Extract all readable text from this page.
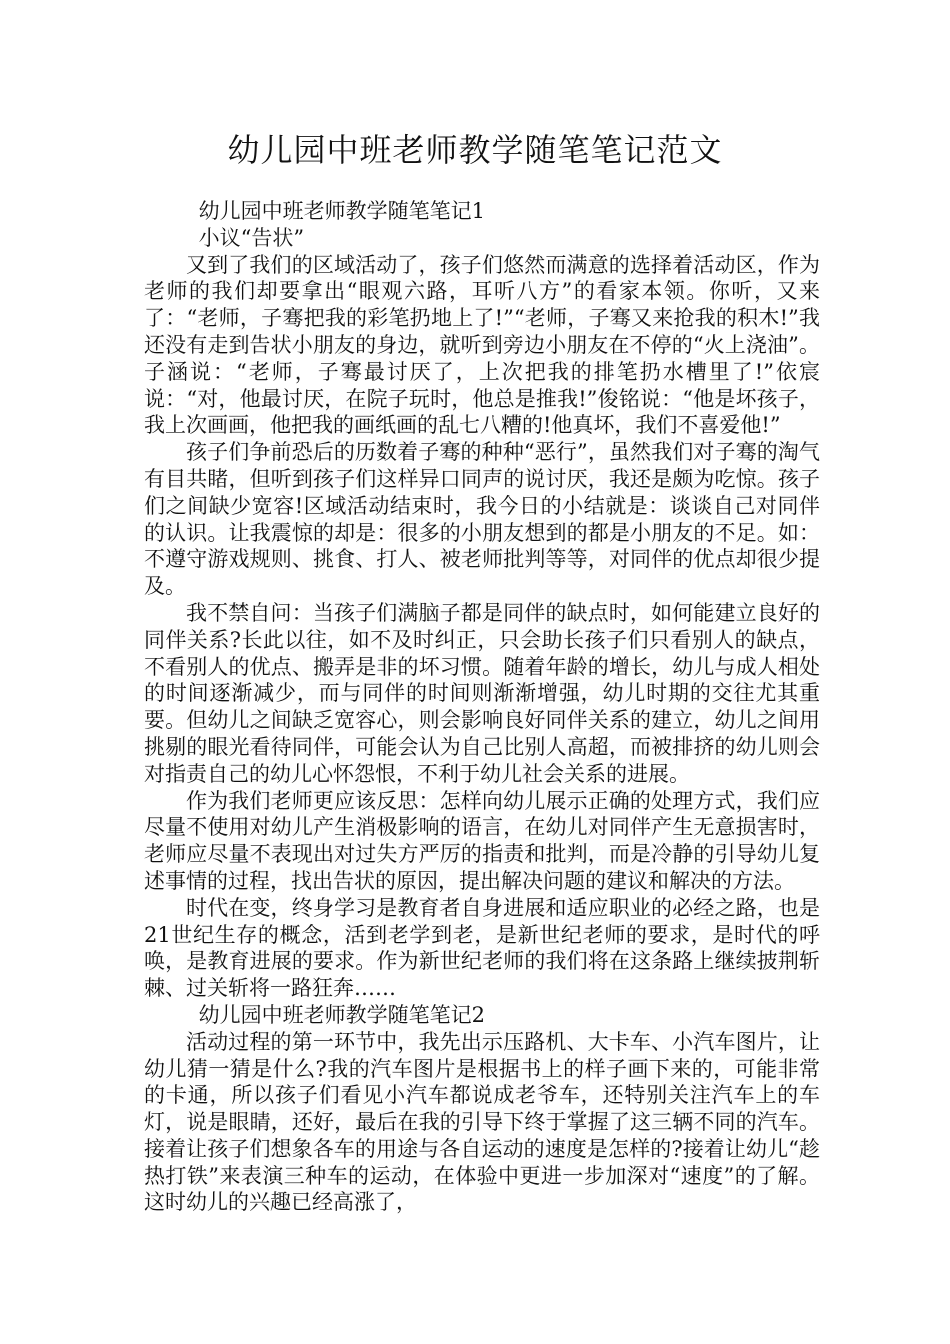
幼儿园中班老师教学随笔笔记范文

幼儿园中班老师教学随笔笔记1

小议“告状”

又到了我们的区域活动了，孩子们悠然而满意的选择着活动区，作为老师的我们却要拿出“眼观六路，耳听八方”的看家本领。你听，又来了：“老师，子骞把我的彩笔扔地上了!”“老师，子骞又来抢我的积木!”我还没有走到告状小朋友的身边，就听到旁边小朋友在不停的“火上浇油”。子涵说：“老师，子骞最讨厌了，上次把我的排笔扔水槽里了!”依宸说：“对，他最讨厌，在院子玩时，他总是推我!”俊铭说：“他是坏孩子，我上次画画，他把我的画纸画的乱七八糟的!他真坏，我们不喜爱他!”

孩子们争前恐后的历数着子骞的种种“恶行”，虽然我们对子骞的淘气有目共睹，但听到孩子们这样异口同声的说讨厌，我还是颇为吃惊。孩子们之间缺少宽容!区域活动结束时，我今日的小结就是：谈谈自己对同伴的认识。让我震惊的却是：很多的小朋友想到的都是小朋友的不足。如：不遵守游戏规则、挑食、打人、被老师批判等等，对同伴的优点却很少提及。

我不禁自问：当孩子们满脑子都是同伴的缺点时，如何能建立良好的同伴关系?长此以往，如不及时纠正，只会助长孩子们只看别人的缺点，不看别人的优点、搬弄是非的坏习惯。随着年龄的增长，幼儿与成人相处的时间逐渐减少，而与同伴的时间则渐渐增强，幼儿时期的交往尤其重要。但幼儿之间缺乏宽容心，则会影响良好同伴关系的建立，幼儿之间用挑剔的眼光看待同伴，可能会认为自己比别人高超，而被排挤的幼儿则会对指责自己的幼儿心怀怨恨，不利于幼儿社会关系的进展。

作为我们老师更应该反思：怎样向幼儿展示正确的处理方式，我们应尽量不使用对幼儿产生消极影响的语言，在幼儿对同伴产生无意损害时，老师应尽量不表现出对过失方严厉的指责和批判，而是冷静的引导幼儿复述事情的过程，找出告状的原因，提出解决问题的建议和解决的方法。

时代在变，终身学习是教育者自身进展和适应职业的必经之路，也是21世纪生存的概念，活到老学到老，是新世纪老师的要求，是时代的呼唤，是教育进展的要求。作为新世纪老师的我们将在这条路上继续披荆斩棘、过关斩将一路狂奔……

幼儿园中班老师教学随笔笔记2

活动过程的第一环节中，我先出示压路机、大卡车、小汽车图片，让幼儿猜一猜是什么?我的汽车图片是根据书上的样子画下来的，可能非常的卡通，所以孩子们看见小汽车都说成老爷车，还特别关注汽车上的车灯，说是眼睛，还好，最后在我的引导下终于掌握了这三辆不同的汽车。接着让孩子们想象各车的用途与各自运动的速度是怎样的?接着让幼儿“趁热打铁”来表演三种车的运动，在体验中更进一步加深对“速度”的了解。这时幼儿的兴趣已经高涨了，
